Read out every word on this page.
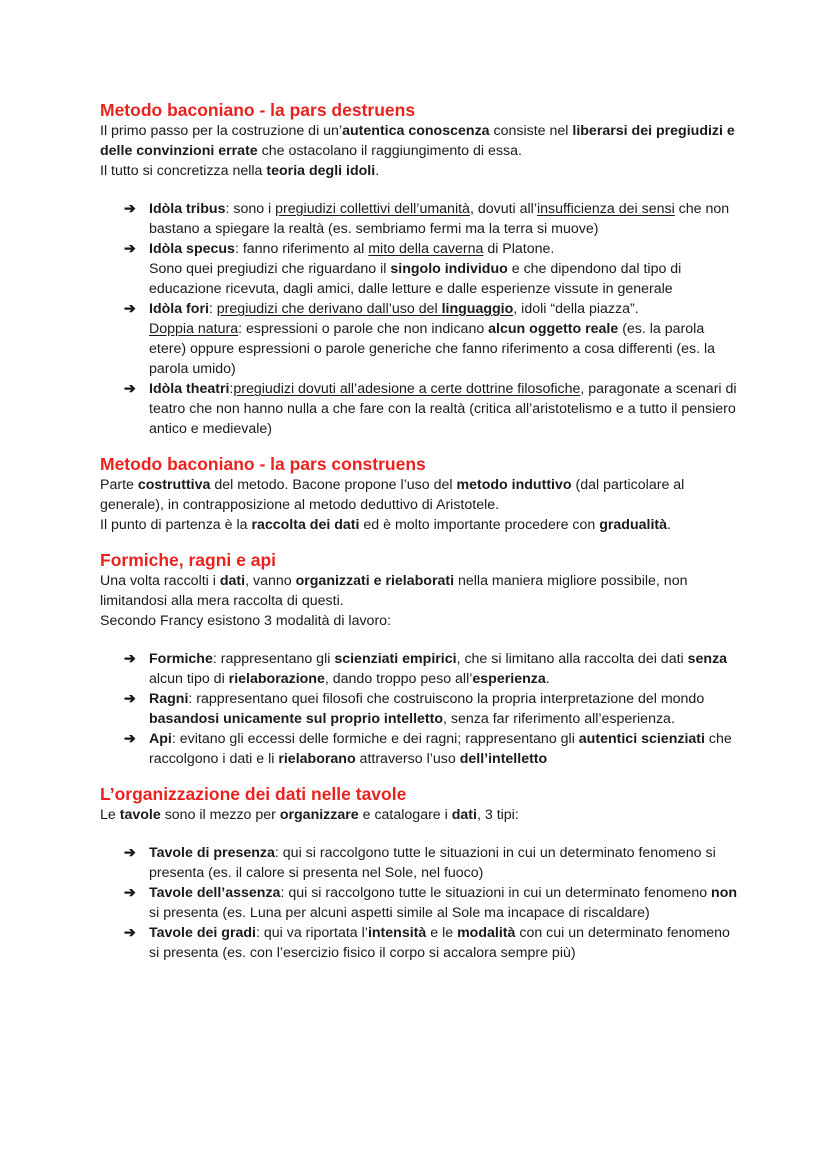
Metodo baconiano - la pars destruens

Il primo passo per la costruzione di un’autentica conoscenza consiste nel liberarsi dei pregiudizi e delle convinzioni errate che ostacolano il raggiungimento di essa.

Il tutto si concretizza nella teoria degli idoli.

➔ Idòla tribus: sono i pregiudizi collettivi dell’umanità, dovuti all’insufficienza dei sensi che non bastano a spiegare la realtà (es. sembriamo fermi ma la terra si muove)
➔ Idòla specus: fanno riferimento al mito della caverna di Platone.
Sono quei pregiudizi che riguardano il singolo individuo e che dipendono dal tipo di educazione ricevuta, dagli amici, dalle letture e dalle esperienze vissute in generale
➔ Idòla fori: pregiudizi che derivano dall’uso del linguaggio, idoli “della piazza”.
Doppia natura: espressioni o parole che non indicano alcun oggetto reale (es. la parola etere) oppure espressioni o parole generiche che fanno riferimento a cosa differenti (es. la parola umido)
➔ Idòla theatri:pregiudizi dovuti all’adesione a certe dottrine filosofiche, paragonate a scenari di teatro che non hanno nulla a che fare con la realtà (critica all’aristotelismo e a tutto il pensiero antico e medievale)
Metodo baconiano - la pars construens

Parte costruttiva del metodo. Bacone propone l’uso del metodo induttivo (dal particolare al generale), in contrapposizione al metodo deduttivo di Aristotele.

Il punto di partenza è la raccolta dei dati ed è molto importante procedere con gradualità.

Formiche, ragni e api

Una volta raccolti i dati, vanno organizzati e rielaborati nella maniera migliore possibile, non limitandosi alla mera raccolta di questi.

Secondo Francy esistono 3 modalità di lavoro:

➔ Formiche: rappresentano gli scienziati empirici, che si limitano alla raccolta dei dati senza alcun tipo di rielaborazione, dando troppo peso all’esperienza.
➔ Ragni: rappresentano quei filosofi che costruiscono la propria interpretazione del mondo basandosi unicamente sul proprio intelletto, senza far riferimento all’esperienza.
➔ Api: evitano gli eccessi delle formiche e dei ragni; rappresentano gli autentici scienziati che raccolgono i dati e li rielaborano attraverso l’uso dell’intelletto
L’organizzazione dei dati nelle tavole

Le tavole sono il mezzo per organizzare e catalogare i dati, 3 tipi:

➔ Tavole di presenza: qui si raccolgono tutte le situazioni in cui un determinato fenomeno si presenta (es. il calore si presenta nel Sole, nel fuoco)
➔ Tavole dell’assenza: qui si raccolgono tutte le situazioni in cui un determinato fenomeno non si presenta (es. Luna per alcuni aspetti simile al Sole ma incapace di riscaldare)
➔ Tavole dei gradi: qui va riportata l’intensità e le modalità con cui un determinato fenomeno si presenta (es. con l’esercizio fisico il corpo si accalora sempre più)
